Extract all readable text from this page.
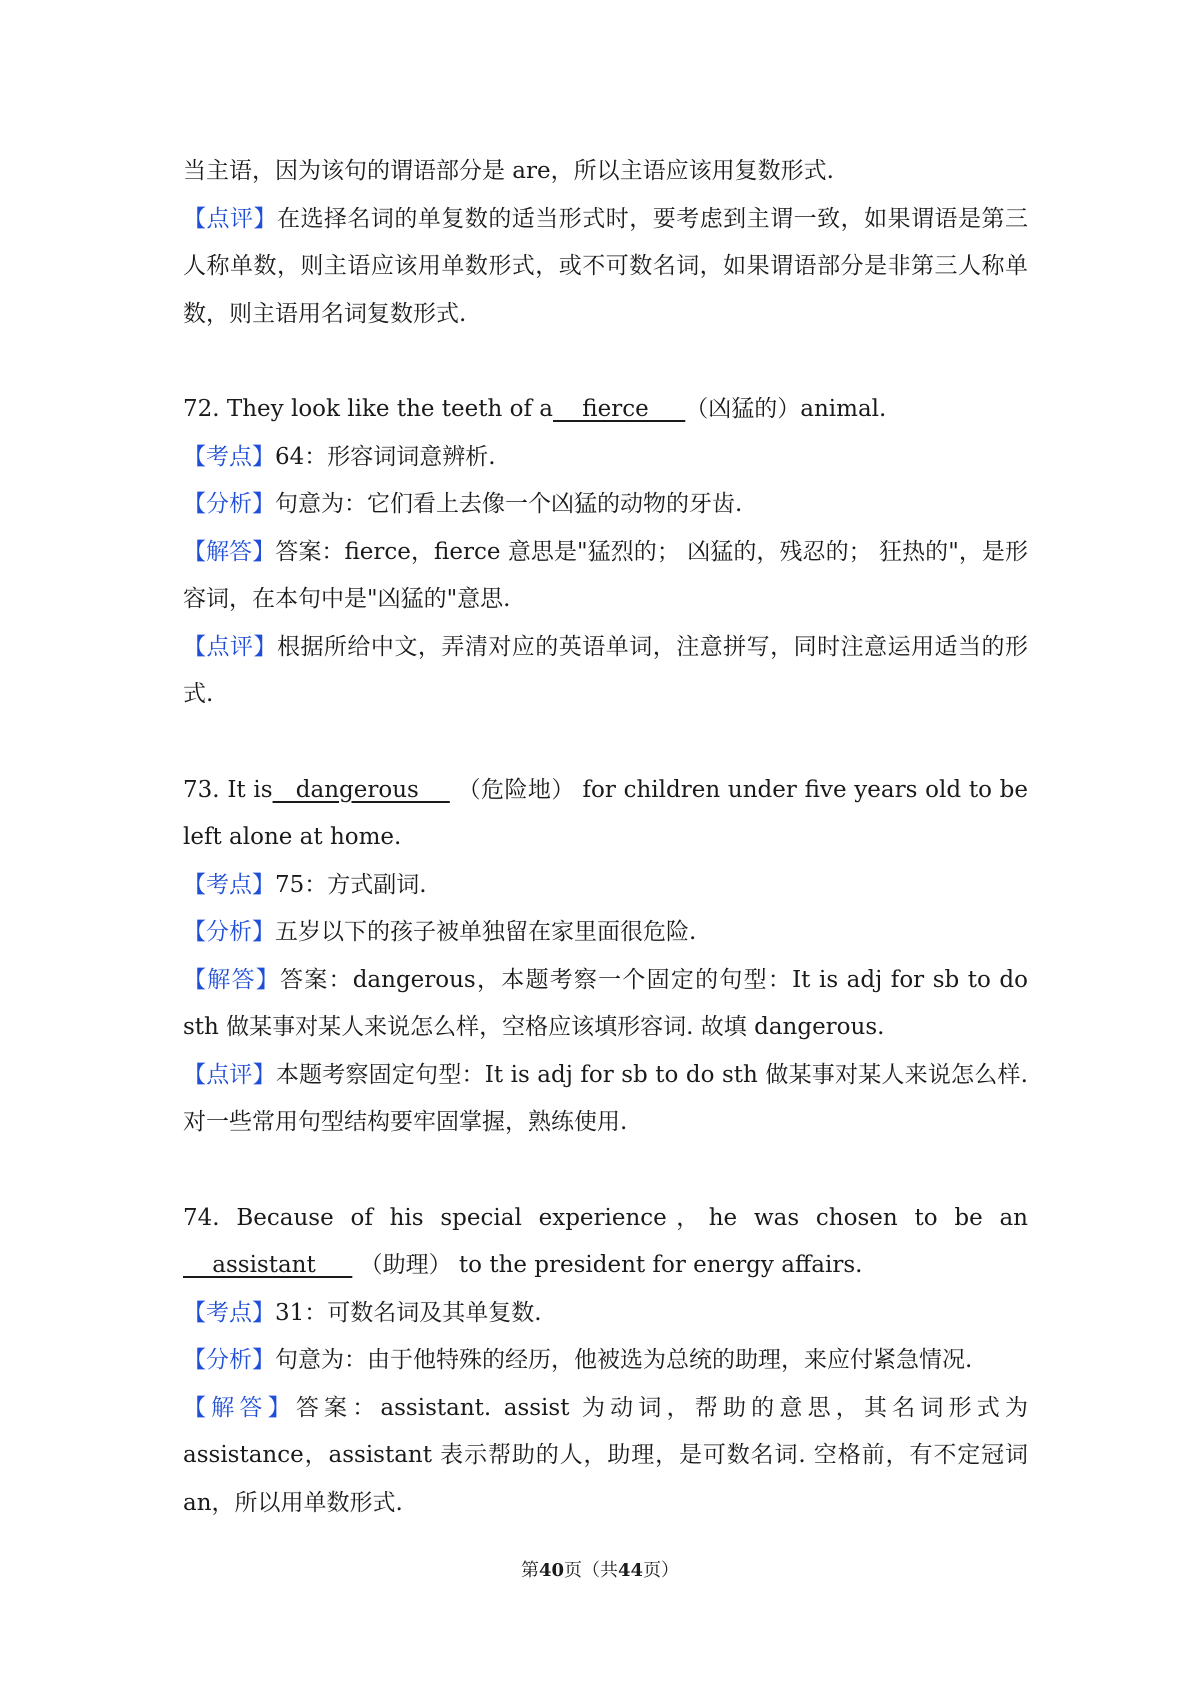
当主语，因为该句的谓语部分是 are，所以主语应该用复数形式.

【点评】在选择名词的单复数的适当形式时，要考虑到主谓一致，如果谓语是第三人称单数，则主语应该用单数形式，或不可数名词，如果谓语部分是非第三人称单数，则主语用名词复数形式.

72. They look like the teeth of a    fierce     （凶猛的）animal.

【考点】64：形容词词意辨析.

【分析】句意为：它们看上去像一个凶猛的动物的牙齿.

【解答】答案：fierce，fierce 意思是"猛烈的； 凶猛的，残忍的； 狂热的"，是形容词，在本句中是"凶猛的"意思.

【点评】根据所给中文，弄清对应的英语单词，注意拼写，同时注意运用适当的形式.

73. It is   dangerous     （危险地） for children under five years old to be left alone at home.

【考点】75：方式副词.

【分析】五岁以下的孩子被单独留在家里面很危险.

【解答】答案：dangerous，本题考察一个固定的句型：It is adj for sb to do sth 做某事对某人来说怎么样，空格应该填形容词. 故填 dangerous.

【点评】本题考察固定句型：It is adj for sb to do sth 做某事对某人来说怎么样. 对一些常用句型结构要牢固掌握，熟练使用.

74. Because of his special experience，he was chosen to be an    assistant      （助理） to the president for energy affairs.

【考点】31：可数名词及其单复数.

【分析】句意为：由于他特殊的经历，他被选为总统的助理，来应付紧急情况.

【解答】答案：assistant. assist 为动词，帮助的意思，其名词形式为 assistance，assistant 表示帮助的人，助理，是可数名词. 空格前，有不定冠词 an，所以用单数形式.

第40页（共44页）
